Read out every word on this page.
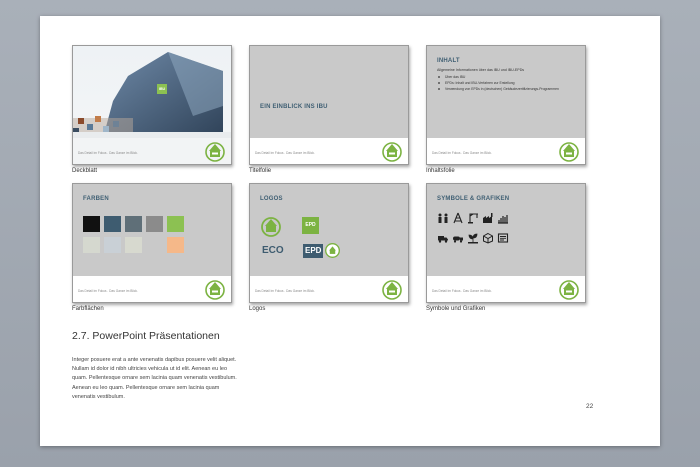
IBU
Das Detail im Fokus . Das Ganze im Blick.
Deckblatt
EIN EINBLICK INS IBU
Das Detail im Fokus . Das Ganze im Blick.
Titelfolie
INHALT
Allgemeine Informationen über das IBU und IBU-EPDs
Über das IBU
EPDs: Inhalt und IBU-Verfahren zur Erstellung
Verwendung von EPDs in (deutschen) Gebäudezertifizierungs-Programmen
Das Detail im Fokus . Das Ganze im Blick.
Inhaltsfolie
FARBEN
Das Detail im Fokus . Das Ganze im Blick.
Farbflächen
LOGOS
EPD
ECO	EPD
Das Detail im Fokus . Das Ganze im Blick.
Logos
SYMBOLE & GRAFIKEN
Das Detail im Fokus . Das Ganze im Blick.
Symbole und Grafiken
2.7. PowerPoint Präsentationen

Integer posuere erat a ante venenatis dapibus posuere velit aliquet. Nullam id dolor id nibh ultricies vehicula ut id elit. Aenean eu leo quam. Pellentesque ornare sem lacinia quam venenatis vestibulum. Aenean eu leo quam. Pellentesque ornare sem lacinia quam venenatis vestibulum.

22
